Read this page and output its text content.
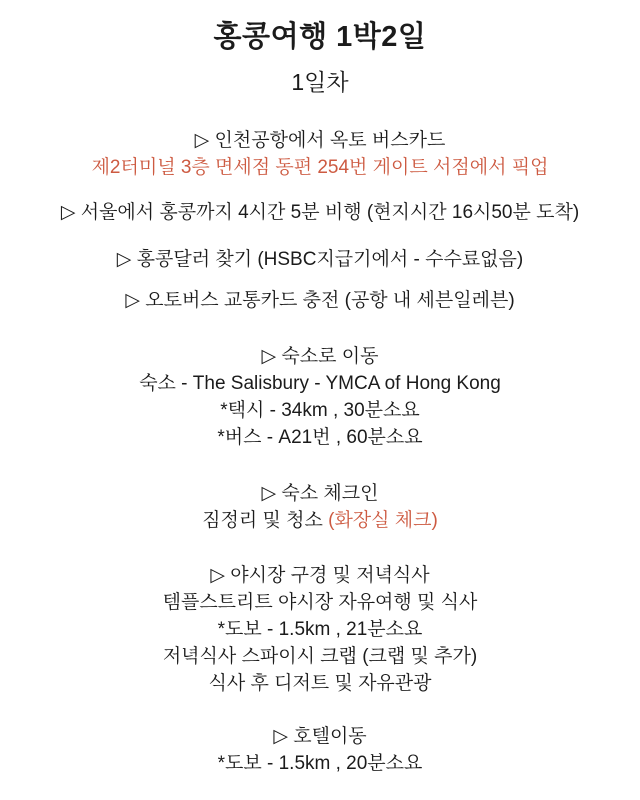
홍콩여행 1박2일
1일차
▷ 인천공항에서 옥토 버스카드
제2터미널 3층 면세점 동편 254번 게이트 서점에서 픽업
▷ 서울에서 홍콩까지 4시간 5분 비행 (현지시간 16시50분 도착)
▷ 홍콩달러 찾기 (HSBC지급기에서 - 수수료없음)
▷ 오토버스 교통카드 충전 (공항 내 세븐일레븐)
▷ 숙소로 이동
숙소 - The Salisbury - YMCA of Hong Kong
*택시 - 34km , 30분소요
*버스 - A21번 , 60분소요
▷ 숙소 체크인
짐정리 및 청소 (화장실 체크)
▷ 야시장 구경 및 저녁식사
템플스트리트 야시장 자유여행 및 식사
*도보 - 1.5km , 21분소요
저녁식사 스파이시 크랩 (크랩 및 추가)
식사 후 디저트 및 자유관광
▷ 호텔이동
*도보 - 1.5km , 20분소요
